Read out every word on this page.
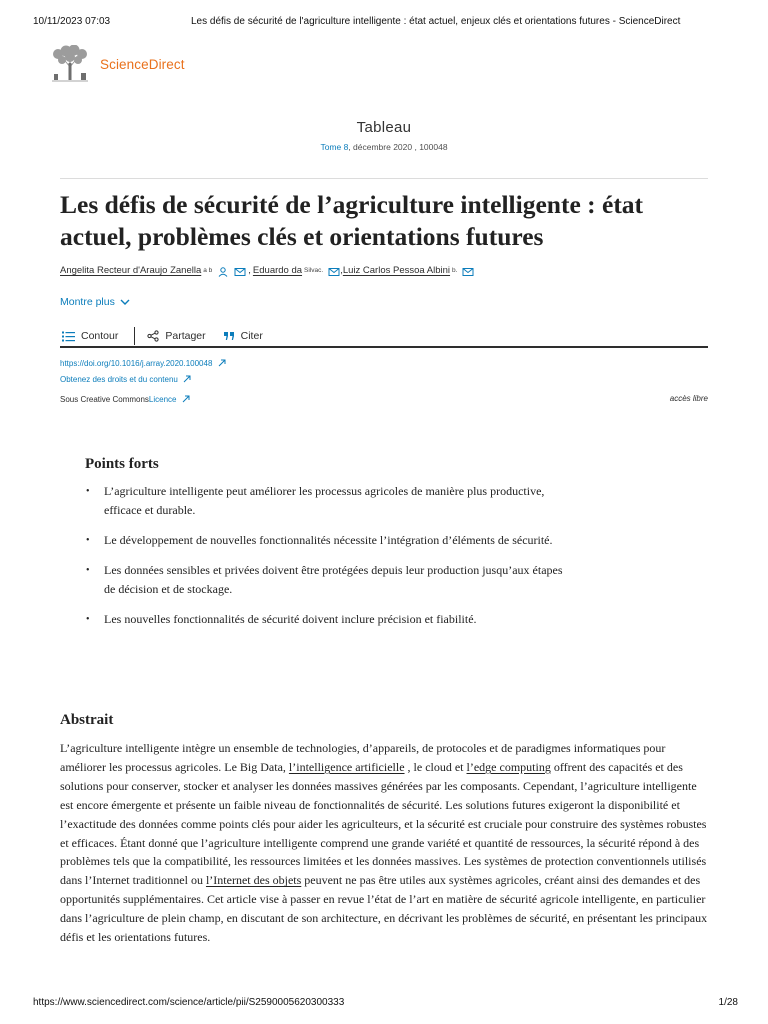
10/11/2023 07:03	Les défis de sécurité de l'agriculture intelligente : état actuel, enjeux clés et orientations futures - ScienceDirect
ScienceDirect
Tableau
Tome 8, décembre 2020 , 100048
Les défis de sécurité de l’agriculture intelligente : état actuel, problèmes clés et orientations futures
Angelita Recteur d'Araujo Zanella a b	, Eduardo da Silvac. , Luiz Carlos Pessoa Albini b.
Montre plus
Contour	Partager	Citer
https://doi.org/10.1016/j.array.2020.100048
Obtenez des droits et du contenu
Sous Creative CommonsLicence	accès libre
Points forts
• L’agriculture intelligente peut améliorer les processus agricoles de manière plus productive, efficace et durable.
• Le développement de nouvelles fonctionnalités nécessite l’intégration d’éléments de sécurité.
• Les données sensibles et privées doivent être protégées depuis leur production jusqu’aux étapes de décision et de stockage.
• Les nouvelles fonctionnalités de sécurité doivent inclure précision et fiabilité.
Abstrait

L’agriculture intelligente intègre un ensemble de technologies, d’appareils, de protocoles et de paradigmes informatiques pour améliorer les processus agricoles. Le Big Data, l’intelligence artificielle , le cloud et l’edge computing offrent des capacités et des solutions pour conserver, stocker et analyser les données massives générées par les composants. Cependant, l’agriculture intelligente est encore émergente et présente un faible niveau de fonctionnalités de sécurité. Les solutions futures exigeront la disponibilité et l’exactitude des données comme points clés pour aider les agriculteurs, et la sécurité est cruciale pour construire des systèmes robustes et efficaces. Étant donné que l’agriculture intelligente comprend une grande variété et quantité de ressources, la sécurité répond à des problèmes tels que la compatibilité, les ressources limitées et les données massives. Les systèmes de protection conventionnels utilisés dans l’Internet traditionnel ou l’Internet des objets peuvent ne pas être utiles aux systèmes agricoles, créant ainsi des demandes et des opportunités supplémentaires. Cet article vise à passer en revue l’état de l’art en matière de sécurité agricole intelligente, en particulier dans l’agriculture de plein champ, en discutant de son architecture, en décrivant les problèmes de sécurité, en présentant les principaux défis et les orientations futures.

https://www.sciencedirect.com/science/article/pii/S2590005620300333	1/28
